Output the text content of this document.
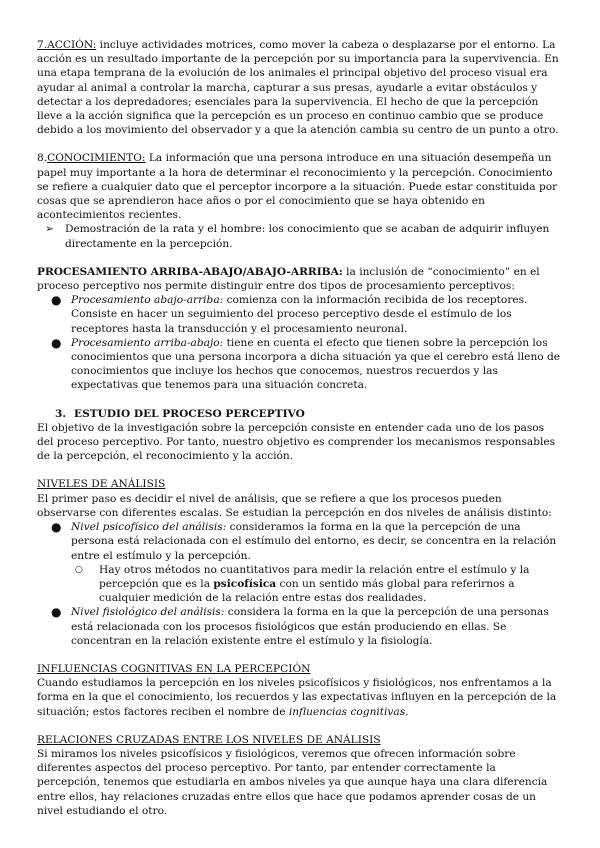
7.ACCIÓN: incluye actividades motrices, como mover la cabeza o desplazarse por el entorno. La acción es un resultado importante de la percepción por su importancia para la supervivencia. En una etapa temprana de la evolución de los animales el principal objetivo del proceso visual era ayudar al animal a controlar la marcha, capturar a sus presas, ayudarle a evitar obstáculos y detectar a los depredadores; esenciales para la supervivencia. El hecho de que la percepción lleve a la acción significa que la percepción es un proceso en continuo cambio que se produce debido a los movimiento del observador y a que la atención cambia su centro de un punto a otro.

8.CONOCIMIENTO: La información que una persona introduce en una situación desempeña un papel muy importante a la hora de determinar el reconocimiento y la percepción. Conocimiento se refiere a cualquier dato que el perceptor incorpore a la situación. Puede estar constituida por cosas que se aprendieron hace años o por el conocimiento que se haya obtenido en acontecimientos recientes.

➢	Demostración de la rata y el hombre: los conocimiento que se acaban de adquirir influyen directamente en la percepción.

PROCESAMIENTO ARRIBA-ABAJO/ABAJO-ARRIBA: la inclusión de “conocimiento” en el proceso perceptivo nos permite distinguir entre dos tipos de procesamiento perceptivos:

● Procesamiento abajo-arriba: comienza con la información recibida de los receptores. Consiste en hacer un seguimiento del proceso perceptivo desde el estímulo de los receptores hasta la transducción y el procesamiento neuronal.
● Procesamiento arriba-abajo: tiene en cuenta el efecto que tienen sobre la percepción los conocimientos que una persona incorpora a dicha situación ya que el cerebro está lleno de conocimientos que incluye los hechos que conocemos, nuestros recuerdos y las expectativas que tenemos para una situación concreta.
3. ESTUDIO DEL PROCESO PERCEPTIVO

El objetivo de la investigación sobre la percepción consiste en entender cada uno de los pasos del proceso perceptivo. Por tanto, nuestro objetivo es comprender los mecanismos responsables de la percepción, el reconocimiento y la acción.

NIVELES DE ANÁLISIS

El primer paso es decidir el nivel de análisis, que se refiere a que los procesos pueden observarse con diferentes escalas. Se estudian la percepción en dos niveles de análisis distinto:

● Nivel psicofísico del análisis: consideramos la forma en la que la percepción de una persona está relacionada con el estímulo del entorno, es decir, se concentra en la relación entre el estímulo y la percepción.
○	Hay otros métodos no cuantitativos para medir la relación entre el estímulo y la percepción que es la psicofísica con un sentido más global para referirnos a cualquier medición de la relación entre estas dos realidades.
● Nivel fisiológico del análisis: considera la forma en la que la percepción de una personas está relacionada con los procesos fisiológicos que están produciendo en ellas. Se concentran en la relación existente entre el estímulo y la fisiología.

INFLUENCIAS COGNITIVAS EN LA PERCEPCIÓN

Cuando estudiamos la percepción en los niveles psicofísicos y fisiológicos, nos enfrentamos a la forma en la que el conocimiento, los recuerdos y las expectativas influyen en la percepción de la situación; estos factores reciben el nombre de influencias cognitivas.

RELACIONES CRUZADAS ENTRE LOS NIVELES DE ANÁLISIS

Si miramos los niveles psicofísicos y fisiológicos, veremos que ofrecen información sobre diferentes aspectos del proceso perceptivo. Por tanto, par entender correctamente la percepción, tenemos que estudiarla en ambos niveles ya que aunque haya una clara diferencia entre ellos, hay relaciones cruzadas entre ellos que hace que podamos aprender cosas de un nivel estudiando el otro.
